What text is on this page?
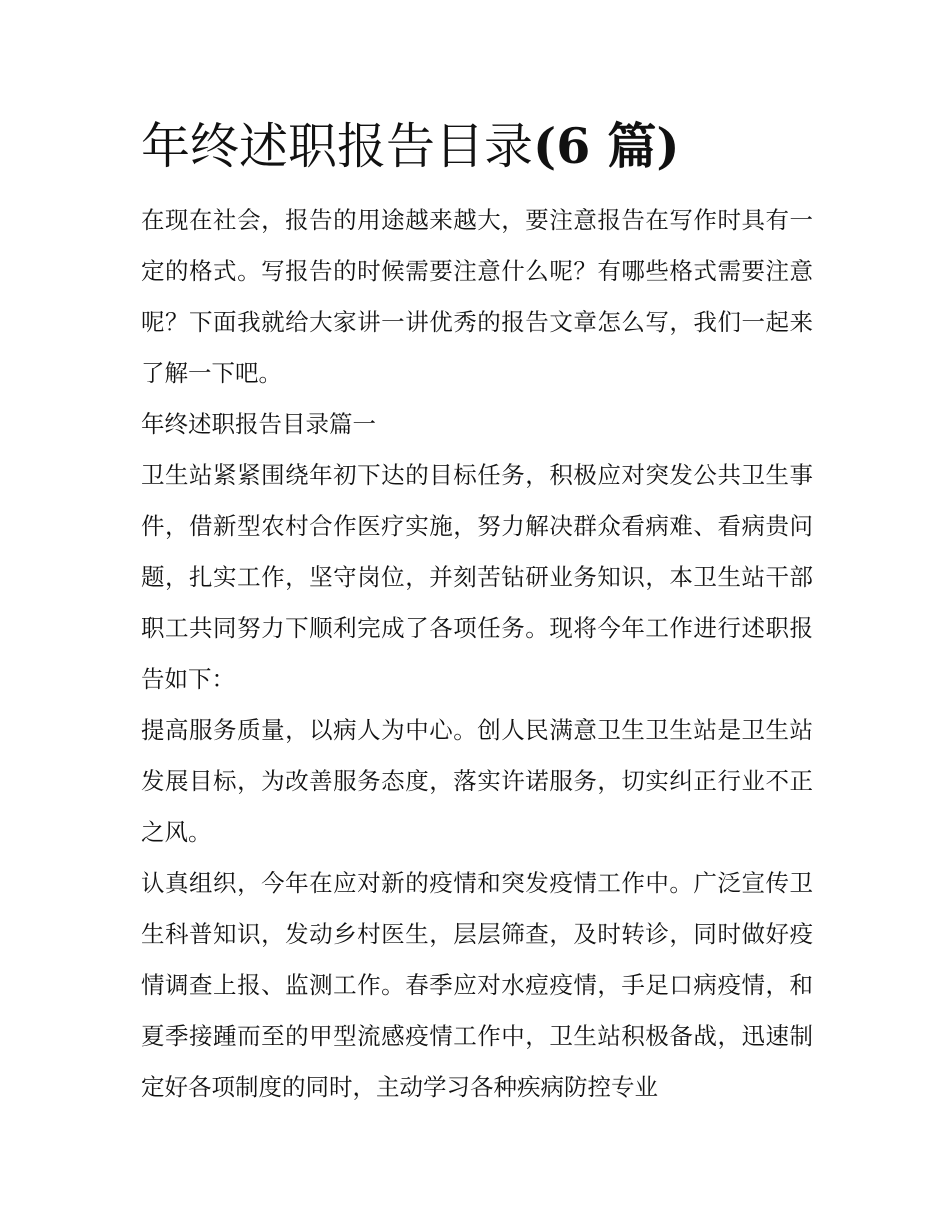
年终述职报告目录(6 篇)

在现在社会，报告的用途越来越大，要注意报告在写作时具有一定的格式。写报告的时候需要注意什么呢？有哪些格式需要注意呢？下面我就给大家讲一讲优秀的报告文章怎么写，我们一起来了解一下吧。

年终述职报告目录篇一

卫生站紧紧围绕年初下达的目标任务，积极应对突发公共卫生事件，借新型农村合作医疗实施，努力解决群众看病难、看病贵问题，扎实工作，坚守岗位，并刻苦钻研业务知识，本卫生站干部职工共同努力下顺利完成了各项任务。现将今年工作进行述职报告如下：

提高服务质量，以病人为中心。创人民满意卫生卫生站是卫生站发展目标，为改善服务态度，落实许诺服务，切实纠正行业不正之风。

认真组织，今年在应对新的疫情和突发疫情工作中。广泛宣传卫生科普知识，发动乡村医生，层层筛查，及时转诊，同时做好疫情调查上报、监测工作。春季应对水痘疫情，手足口病疫情，和夏季接踵而至的甲型流感疫情工作中，卫生站积极备战，迅速制定好各项制度的同时，主动学习各种疾病防控专业
